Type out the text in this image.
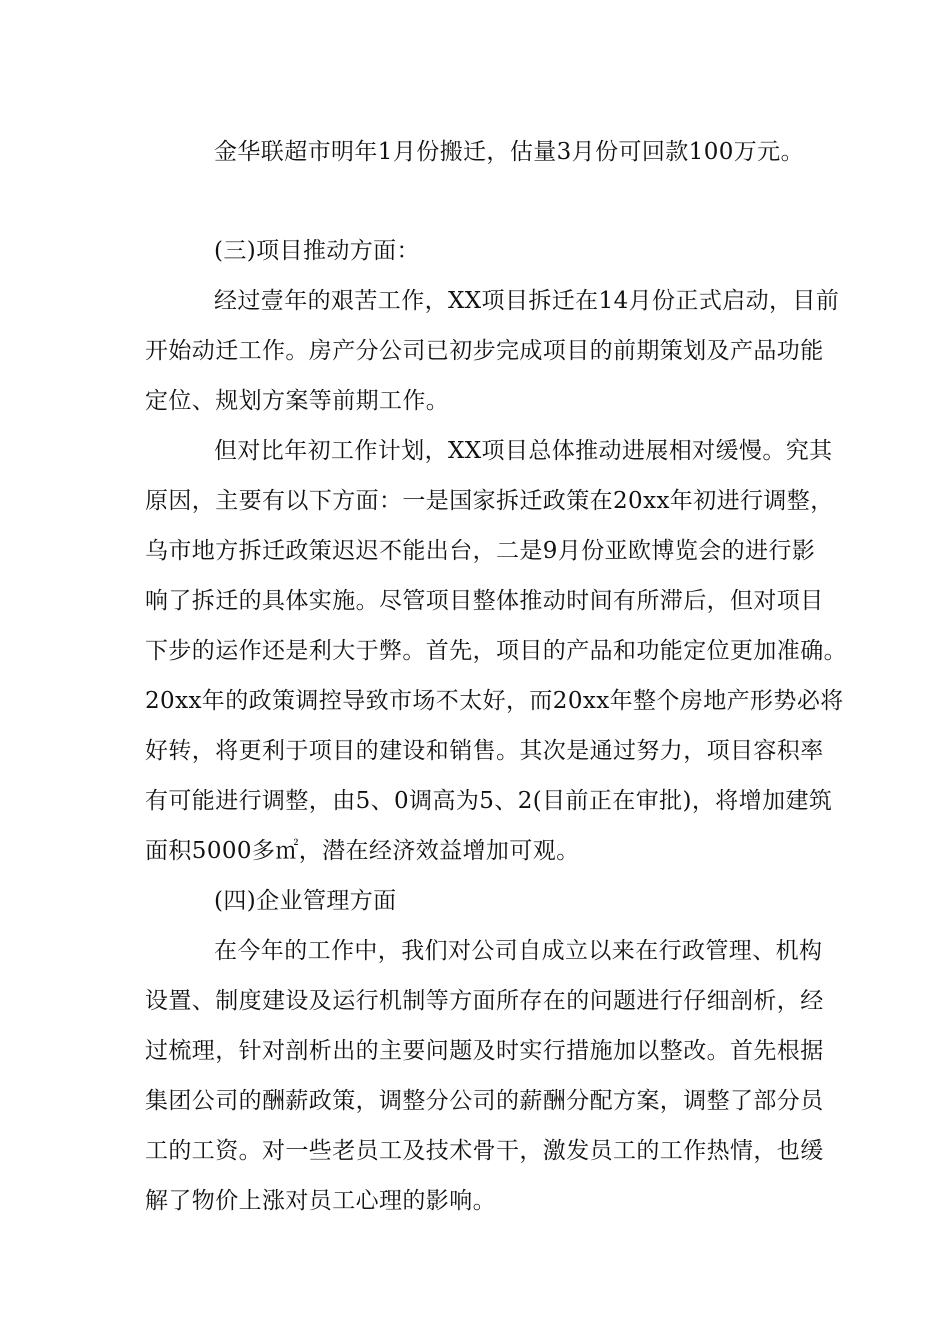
金华联超市明年1月份搬迁，估量3月份可回款100万元。
(三)项目推动方面：
经过壹年的艰苦工作，XX项目拆迁在14月份正式启动，目前
开始动迁工作。房产分公司已初步完成项目的前期策划及产品功能
定位、规划方案等前期工作。
但对比年初工作计划，XX项目总体推动进展相对缓慢。究其
原因，主要有以下方面：一是国家拆迁政策在20xx年初进行调整，
乌市地方拆迁政策迟迟不能出台，二是9月份亚欧博览会的进行影
响了拆迁的具体实施。尽管项目整体推动时间有所滞后，但对项目
下步的运作还是利大于弊。首先，项目的产品和功能定位更加准确。
20xx年的政策调控导致市场不太好，而20xx年整个房地产形势必将
好转，将更利于项目的建设和销售。其次是通过努力，项目容积率
有可能进行调整，由5、0调高为5、2(目前正在审批)，将增加建筑
面积5000多㎡，潜在经济效益增加可观。
(四)企业管理方面
在今年的工作中，我们对公司自成立以来在行政管理、机构
设置、制度建设及运行机制等方面所存在的问题进行仔细剖析，经
过梳理，针对剖析出的主要问题及时实行措施加以整改。首先根据
集团公司的酬薪政策，调整分公司的薪酬分配方案，调整了部分员
工的工资。对一些老员工及技术骨干，激发员工的工作热情，也缓
解了物价上涨对员工心理的影响。
